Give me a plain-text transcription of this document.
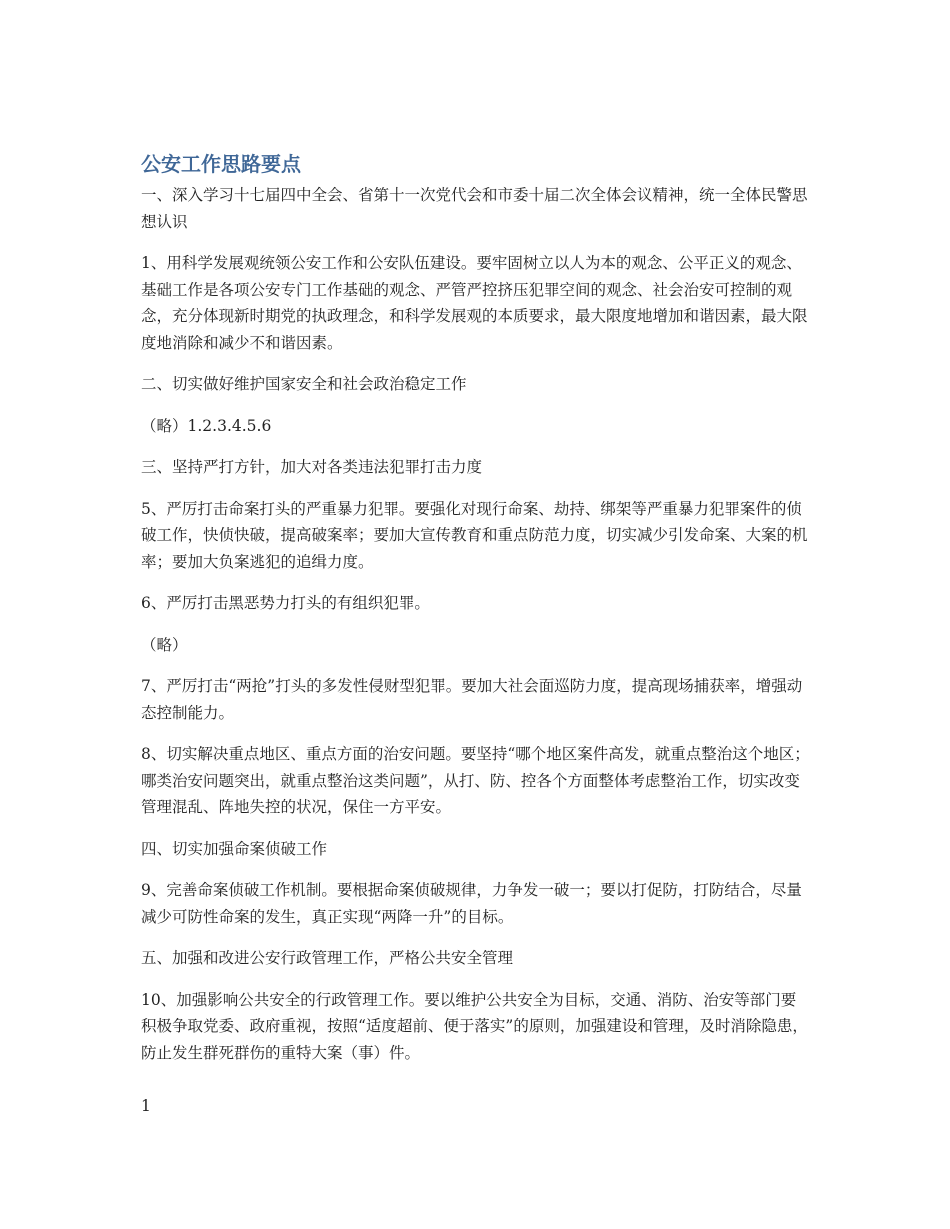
公安工作思路要点

一、深入学习十七届四中全会、省第十一次党代会和市委十届二次全体会议精神，统一全体民警思想认识

1、用科学发展观统领公安工作和公安队伍建设。要牢固树立以人为本的观念、公平正义的观念、基础工作是各项公安专门工作基础的观念、严管严控挤压犯罪空间的观念、社会治安可控制的观念，充分体现新时期党的执政理念，和科学发展观的本质要求，最大限度地增加和谐因素，最大限度地消除和减少不和谐因素。

二、切实做好维护国家安全和社会政治稳定工作

（略）1.2.3.4.5.6

三、坚持严打方针，加大对各类违法犯罪打击力度

5、严厉打击命案打头的严重暴力犯罪。要强化对现行命案、劫持、绑架等严重暴力犯罪案件的侦破工作，快侦快破，提高破案率；要加大宣传教育和重点防范力度，切实减少引发命案、大案的机率；要加大负案逃犯的追缉力度。

6、严厉打击黑恶势力打头的有组织犯罪。

（略）

7、严厉打击“两抢”打头的多发性侵财型犯罪。要加大社会面巡防力度，提高现场捕获率，增强动态控制能力。

8、切实解决重点地区、重点方面的治安问题。要坚持“哪个地区案件高发，就重点整治这个地区；哪类治安问题突出，就重点整治这类问题”，从打、防、控各个方面整体考虑整治工作，切实改变管理混乱、阵地失控的状况，保住一方平安。

四、切实加强命案侦破工作

9、完善命案侦破工作机制。要根据命案侦破规律，力争发一破一；要以打促防，打防结合，尽量减少可防性命案的发生，真正实现“两降一升”的目标。

五、加强和改进公安行政管理工作，严格公共安全管理

10、加强影响公共安全的行政管理工作。要以维护公共安全为目标，交通、消防、治安等部门要积极争取党委、政府重视，按照“适度超前、便于落实”的原则，加强建设和管理，及时消除隐患，防止发生群死群伤的重特大案（事）件。

1
